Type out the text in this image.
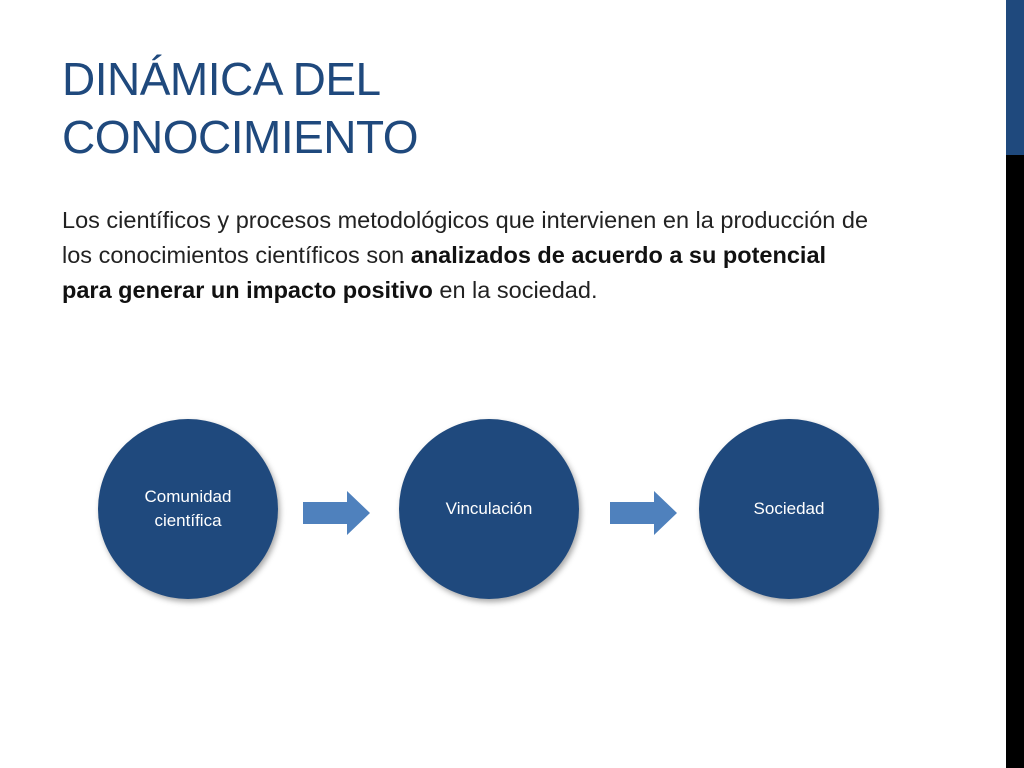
DINÁMICA DEL
CONOCIMIENTO

Los científicos y procesos metodológicos que intervienen en la producción de los conocimientos científicos son analizados de acuerdo a su potencial para generar un impacto positivo en la sociedad.

Comunidad científica
Vinculación	Sociedad
